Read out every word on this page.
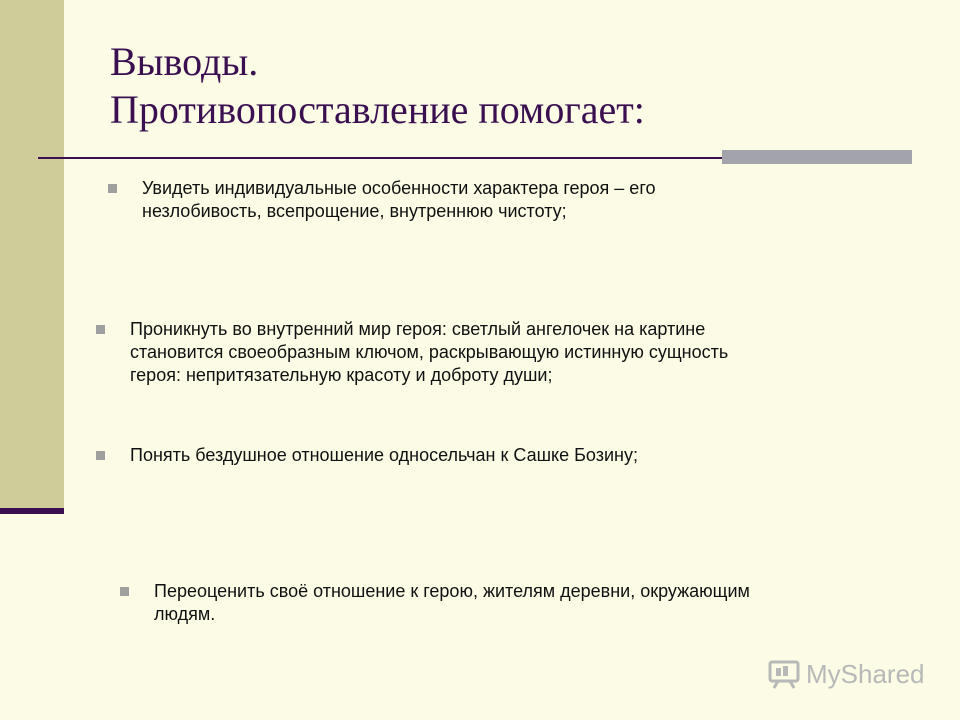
Выводы.
Противопоставление помогает:
Увидеть индивидуальные особенности характера героя – его
незлобивость, всепрощение, внутреннюю чистоту;
Проникнуть во внутренний мир героя: светлый ангелочек на картине
становится своеобразным ключом, раскрывающую истинную сущность
героя: непритязательную красоту и доброту души;
Понять бездушное отношение односельчан к Сашке Бозину;
Переоценить своё отношение к герою, жителям деревни, окружающим
людям.
MyShared
